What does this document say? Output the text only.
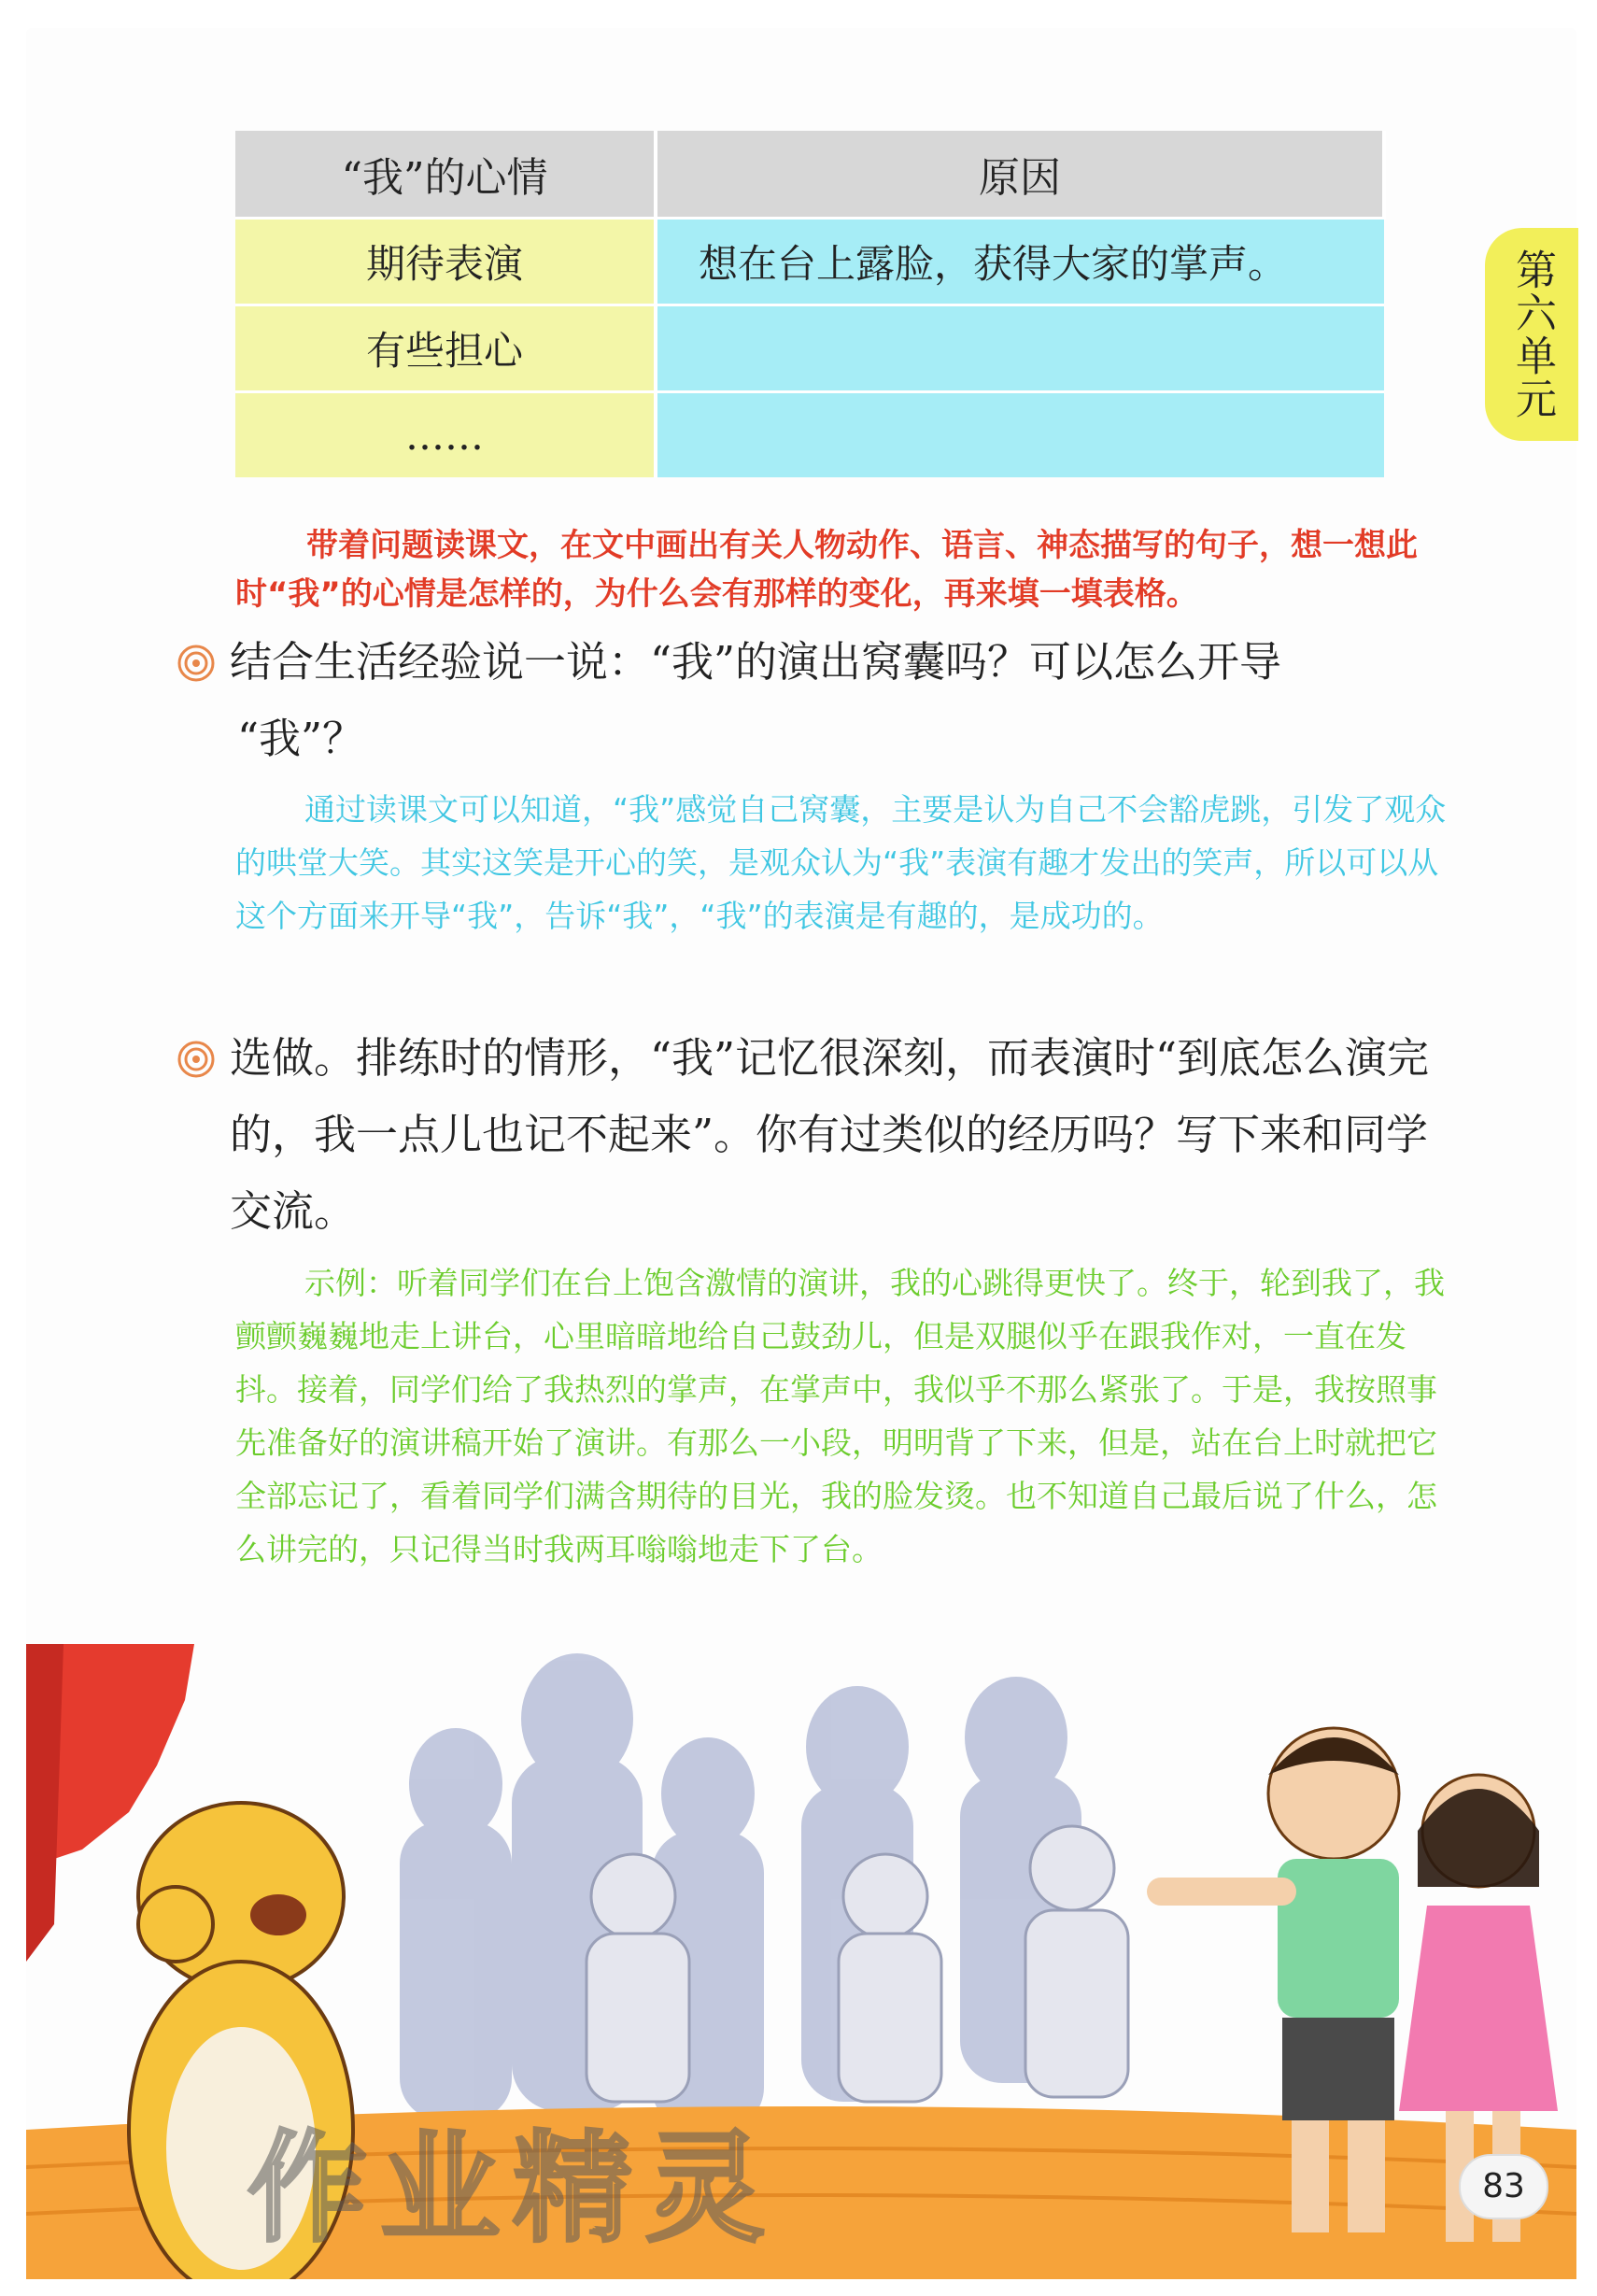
“我”的心情	原因
期待表演	想在台上露脸，获得大家的掌声。
有些担心	
……	
第六单元
带着问题读课文，在文中画出有关人物动作、语言、神态描写的句子，想一想此时“我”的心情是怎样的，为什么会有那样的变化，再来填一填表格。
结合生活经验说一说：“我”的演出窝囊吗？可以怎么开导
“我”？
通过读课文可以知道，“我”感觉自己窝囊，主要是认为自己不会豁虎跳，引发了观众的哄堂大笑。其实这笑是开心的笑，是观众认为“我”表演有趣才发出的笑声，所以可以从这个方面来开导“我”，告诉“我”，“我”的表演是有趣的，是成功的。
选做。排练时的情形，“我”记忆很深刻，而表演时“到底怎么演完的，我一点儿也记不起来”。你有过类似的经历吗？写下来和同学交流。
示例：听着同学们在台上饱含激情的演讲，我的心跳得更快了。终于，轮到我了，我颤颤巍巍地走上讲台，心里暗暗地给自己鼓劲儿，但是双腿似乎在跟我作对，一直在发抖。接着，同学们给了我热烈的掌声，在掌声中，我似乎不那么紧张了。于是，我按照事先准备好的演讲稿开始了演讲。有那么一小段，明明背了下来，但是，站在台上时就把它全部忘记了，看着同学们满含期待的目光，我的脸发烫。也不知道自己最后说了什么，怎么讲完的，只记得当时我两耳嗡嗡地走下了台。
作业精灵	83
